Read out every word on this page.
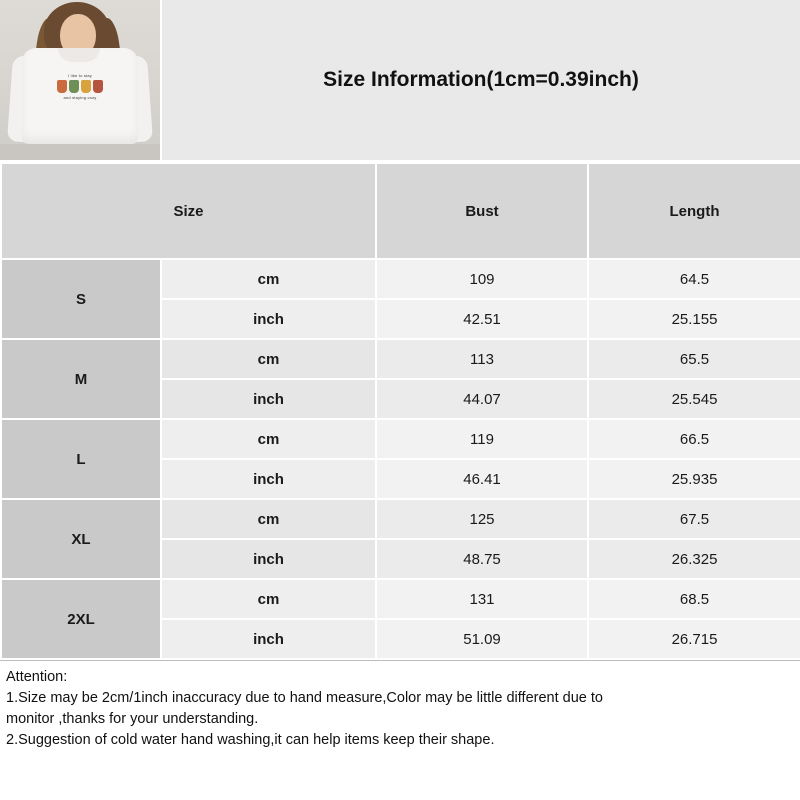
I like to stay
and staying cozy
Size Information(1cm=0.39inch)
Size		Bust	Length
S	cm	109	64.5
	inch	42.51	25.155
M	cm	113	65.5
	inch	44.07	25.545
L	cm	119	66.5
	inch	46.41	25.935
XL	cm	125	67.5
	inch	48.75	26.325
2XL	cm	131	68.5
	inch	51.09	26.715

Attention:

1.Size may be 2cm/1inch inaccuracy due to hand measure,Color may be little different due to

monitor ,thanks for your understanding.

2.Suggestion of cold water hand washing,it can help items keep their shape.
